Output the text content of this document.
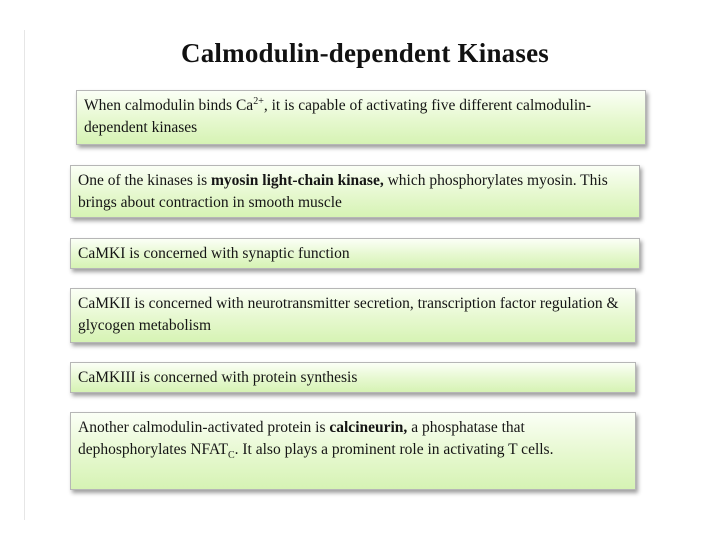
Calmodulin-dependent Kinases
When calmodulin binds $Ca^{2+}$, it is capable of activating five different calmodulin-dependent kinases
One of the kinases is myosin light-chain kinase, which phosphorylates myosin. This brings about contraction in smooth muscle
CaMKI is concerned with synaptic function
CaMKII is concerned with neurotransmitter secretion, transcription factor regulation & glycogen metabolism
CaMKIII is concerned with protein synthesis
Another calmodulin-activated protein is calcineurin, a phosphatase that dephosphorylates $NFAT_C$. It also plays a prominent role in activating T cells.
